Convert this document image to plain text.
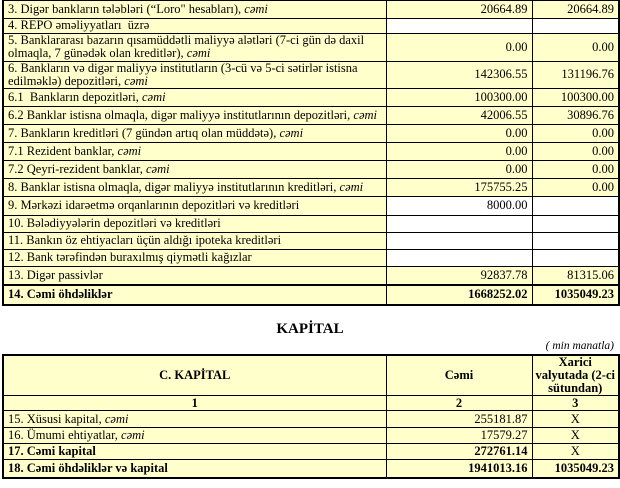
3. Digər bankların tələbləri (“Loro" hesabları), cəmi	20664.89	20664.89
4. REPO əməliyyatları  üzrə		
5. Banklararası bazarın qısamüddətli maliyyə alətləri (7-ci gün də daxil olmaqla, 7 günədək olan kreditlər), cəmi	0.00	0.00
6. Bankların və digər maliyyə institutların (3-cü və 5-ci sətirlər istisna edilməklə) depozitləri, cəmi	142306.55	131196.76
6.1  Bankların depozitləri, cəmi	100300.00	100300.00
6.2 Banklar istisna olmaqla, digər maliyyə institutlarının depozitləri, cəmi	42006.55	30896.76
7. Bankların kreditləri (7 gündən artıq olan müddətə), cəmi	0.00	0.00
7.1 Rezident banklar, cəmi	0.00	0.00
7.2 Qeyri-rezident banklar, cəmi	0.00	0.00
8. Banklar istisna olmaqla, digər maliyyə institutlarının kreditləri, cəmi	175755.25	0.00
9. Mərkəzi idarəetmə orqanlarının depozitləri və kreditləri	8000.00	
10. Bələdiyyələrin depozitləri və kreditləri		
11. Bankın öz ehtiyacları üçün aldığı ipoteka kreditləri		
12. Bank tərəfindən buraxılmış qiymətli kağızlar		
13. Digər passivlər	92837.78	81315.06
14. Cəmi öhdəliklər	1668252.02	1035049.23
KAPİTAL
( min manatla)
C. KAPİTAL	Cəmi	Xarici valyutada (2-ci sütundan)
1	2	3
15. Xüsusi kapital, cəmi	255181.87	X
16. Ümumi ehtiyatlar, cəmi	17579.27	X
17. Cəmi kapital	272761.14	X
18. Cəmi öhdəliklər və kapital	1941013.16	1035049.23
